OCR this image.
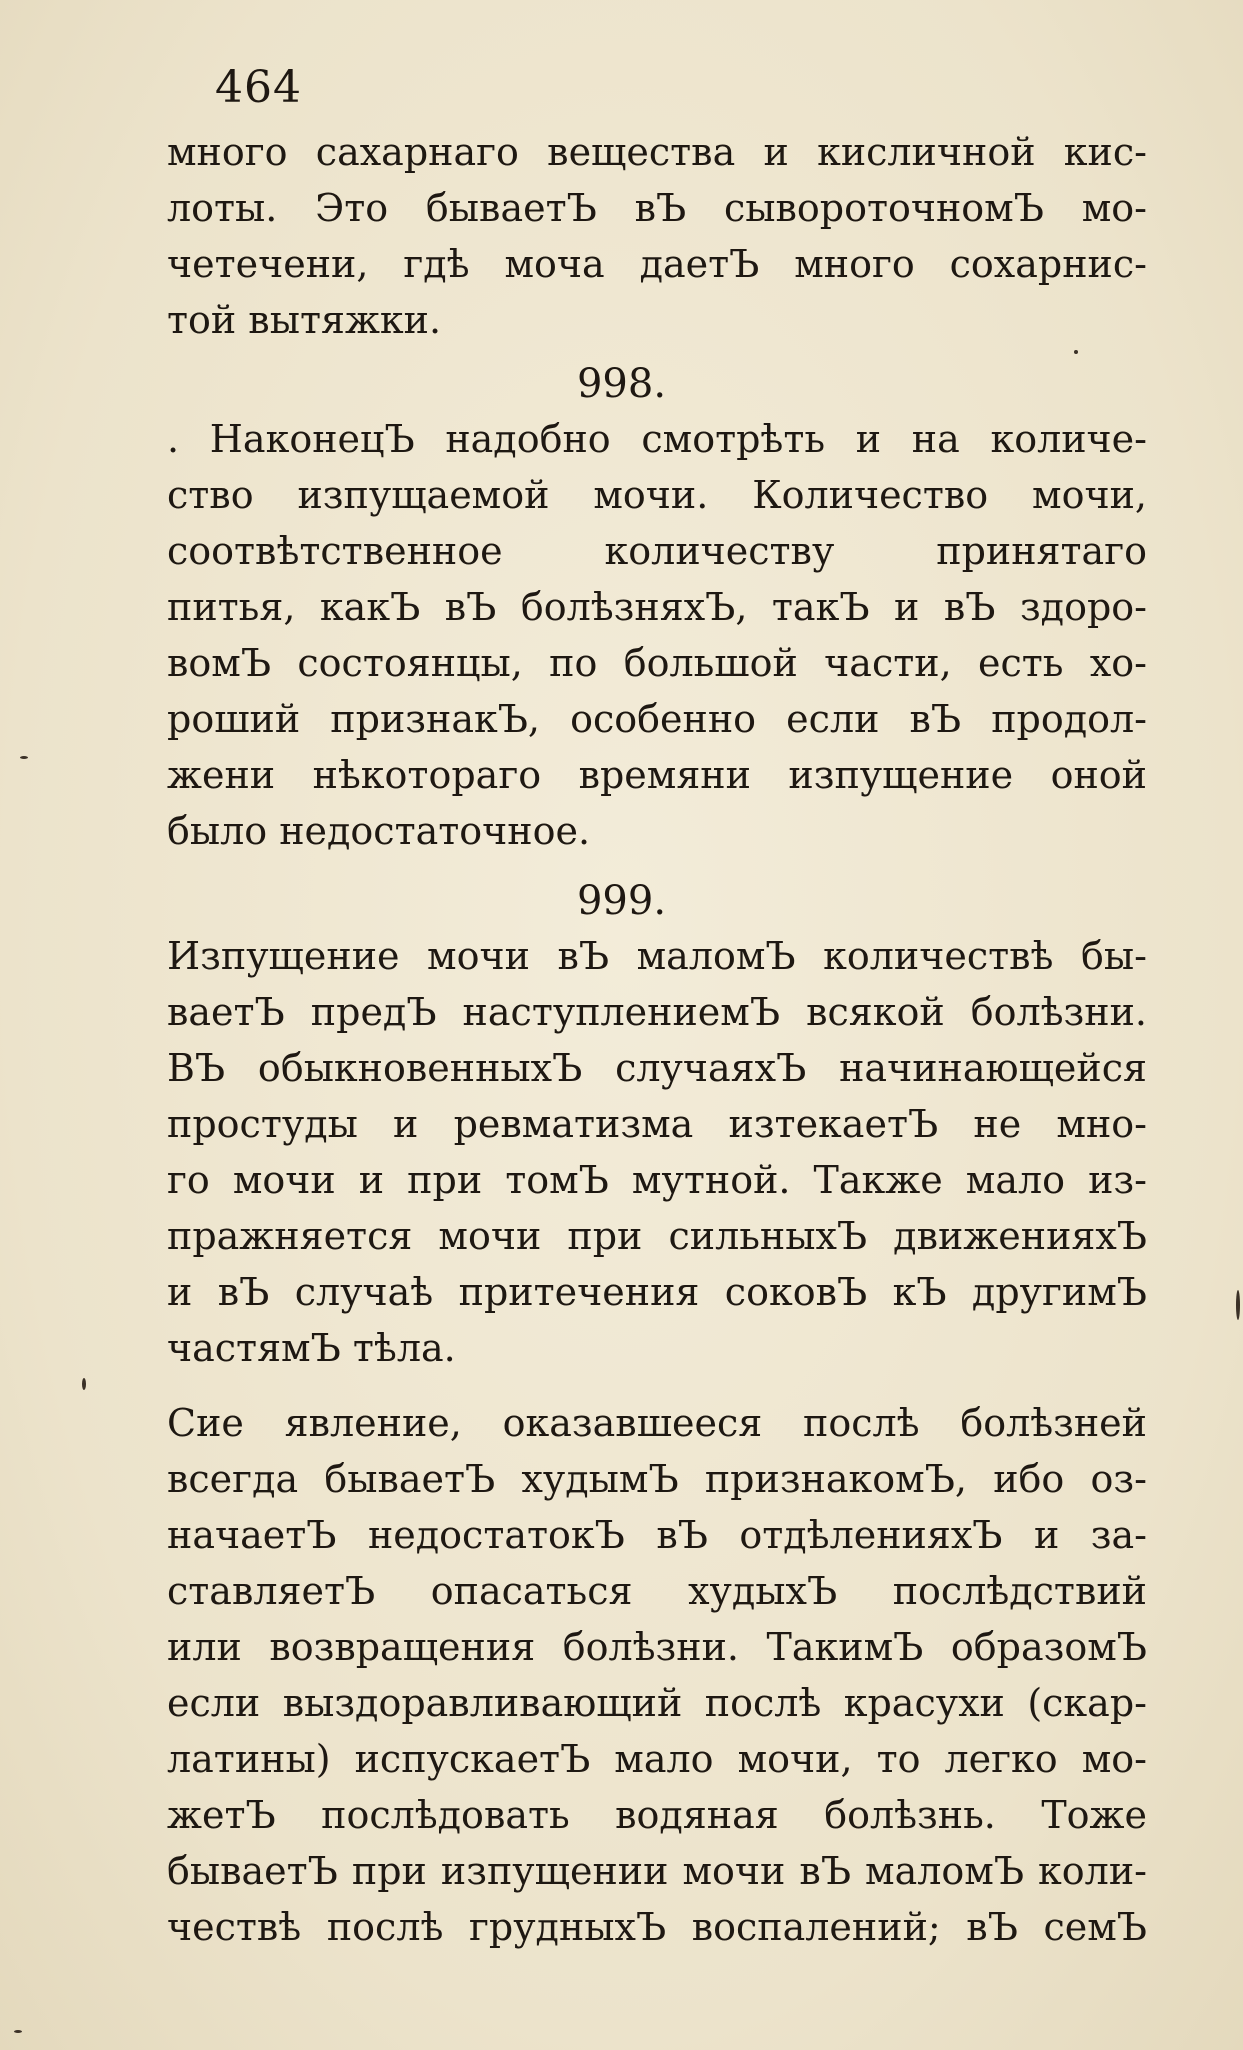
464
много сахарнаго вещества и кисличной кис-
лоты. Это бываетЪ вЪ сывороточномЪ мо-
четечени, гдѣ моча даетЪ много сохарнис-
той вытяжки.
998.
. НаконецЪ надобно смотрѣть и на количе-
ство изпущаемой мочи. Количество мочи,
соотвѣтственное количеству принятаго
питья, какЪ вЪ болѣзняхЪ, такЪ и вЪ здоро-
вомЪ состоянцы, по большой части, есть хо-
роший признакЪ, особенно если вЪ продол-
жени нѣкотораго времяни изпущение оной
было недостаточное.
999.
Изпущение мочи вЪ маломЪ количествѣ бы-
ваетЪ предЪ наступлениемЪ всякой болѣзни.
ВЪ обыкновенныхЪ случаяхЪ начинающейся
простуды и ревматизма изтекаетЪ не мно-
го мочи и при томЪ мутной. Также мало из-
пражняется мочи при сильныхЪ движенияхЪ
и вЪ случаѣ притечения соковЪ кЪ другимЪ
частямЪ тѣла.
Сие явление, оказавшееся послѣ болѣзней
всегда бываетЪ худымЪ признакомЪ, ибо оз-
начаетЪ недостатокЪ вЪ отдѣленияхЪ и за-
ставляетЪ опасаться худыхЪ послѣдствий
или возвращения болѣзни. ТакимЪ образомЪ
если выздоравливающий послѣ красухи (скар-
латины) испускаетЪ мало мочи, то легко мо-
жетЪ послѣдовать водяная болѣзнь. Тоже
бываетЪ при изпущении мочи вЪ маломЪ коли-
чествѣ послѣ грудныхЪ воспалений; вЪ семЪ
